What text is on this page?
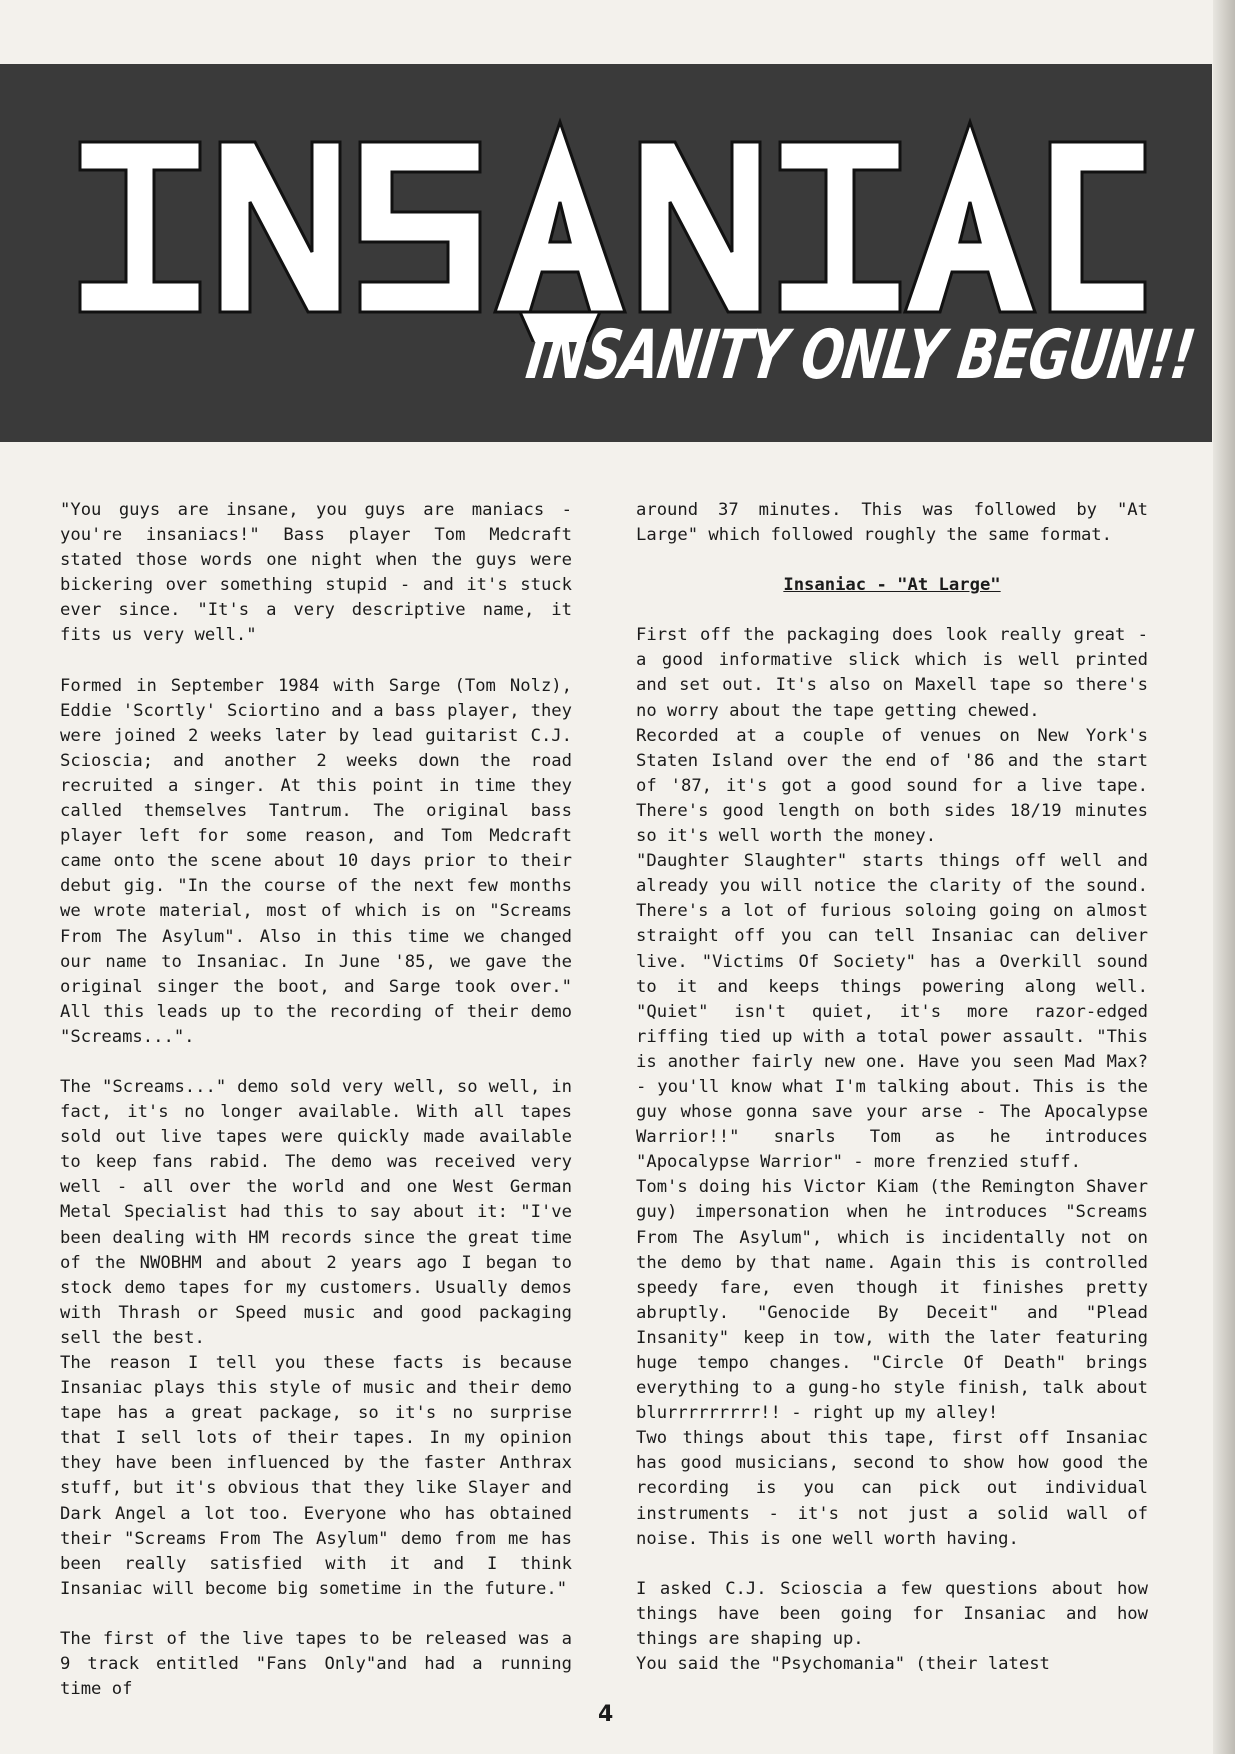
INSANITY ONLY BEGUN!!

"You guys are insane, you guys are maniacs - you're insaniacs!" Bass player Tom Medcraft stated those words one night when the guys were bickering over something stupid - and it's stuck ever since. "It's a very descriptive name, it fits us very well."

Formed in September 1984 with Sarge (Tom Nolz), Eddie 'Scortly' Sciortino and a bass player, they were joined 2 weeks later by lead guitarist C.J. Scioscia; and another 2 weeks down the road recruited a singer. At this point in time they called themselves Tantrum. The original bass player left for some reason, and Tom Medcraft came onto the scene about 10 days prior to their debut gig. "In the course of the next few months we wrote material, most of which is on "Screams From The Asylum". Also in this time we changed our name to Insaniac. In June '85, we gave the original singer the boot, and Sarge took over." All this leads up to the recording of their demo "Screams...".

The "Screams..." demo sold very well, so well, in fact, it's no longer available. With all tapes sold out live tapes were quickly made available to keep fans rabid. The demo was received very well - all over the world and one West German Metal Specialist had this to say about it: "I've been dealing with HM records since the great time of the NWOBHM and about 2 years ago I began to stock demo tapes for my customers. Usually demos with Thrash or Speed music and good packaging sell the best.

The reason I tell you these facts is because Insaniac plays this style of music and their demo tape has a great package, so it's no surprise that I sell lots of their tapes. In my opinion they have been influenced by the faster Anthrax stuff, but it's obvious that they like Slayer and Dark Angel a lot too. Everyone who has obtained their "Screams From The Asylum" demo from me has been really satisfied with it and I think Insaniac will become big sometime in the future."

The first of the live tapes to be released was a 9 track entitled "Fans Only"and had a running time of

around 37 minutes. This was followed by "At Large" which followed roughly the same format.

Insaniac - "At Large"

First off the packaging does look really great - a good informative slick which is well printed and set out. It's also on Maxell tape so there's no worry about the tape getting chewed.

Recorded at a couple of venues on New York's Staten Island over the end of '86 and the start of '87, it's got a good sound for a live tape. There's good length on both sides 18/19 minutes so it's well worth the money.

"Daughter Slaughter" starts things off well and already you will notice the clarity of the sound. There's a lot of furious soloing going on almost straight off you can tell Insaniac can deliver live. "Victims Of Society" has a Overkill sound to it and keeps things powering along well. "Quiet" isn't quiet, it's more razor-edged riffing tied up with a total power assault. "This is another fairly new one. Have you seen Mad Max? - you'll know what I'm talking about. This is the guy whose gonna save your arse - The Apocalypse Warrior!!" snarls Tom as he introduces "Apocalypse Warrior" - more frenzied stuff.

Tom's doing his Victor Kiam (the Remington Shaver guy) impersonation when he introduces "Screams From The Asylum", which is incidentally not on the demo by that name. Again this is controlled speedy fare, even though it finishes pretty abruptly. "Genocide By Deceit" and "Plead Insanity" keep in tow, with the later featuring huge tempo changes. "Circle Of Death" brings everything to a gung-ho style finish, talk about blurrrrrrrrr!! - right up my alley!

Two things about this tape, first off Insaniac has good musicians, second to show how good the recording is you can pick out individual instruments - it's not just a solid wall of noise. This is one well worth having.

I asked C.J. Scioscia a few questions about how things have been going for Insaniac and how things are shaping up.

You said the "Psychomania" (their latest

4
